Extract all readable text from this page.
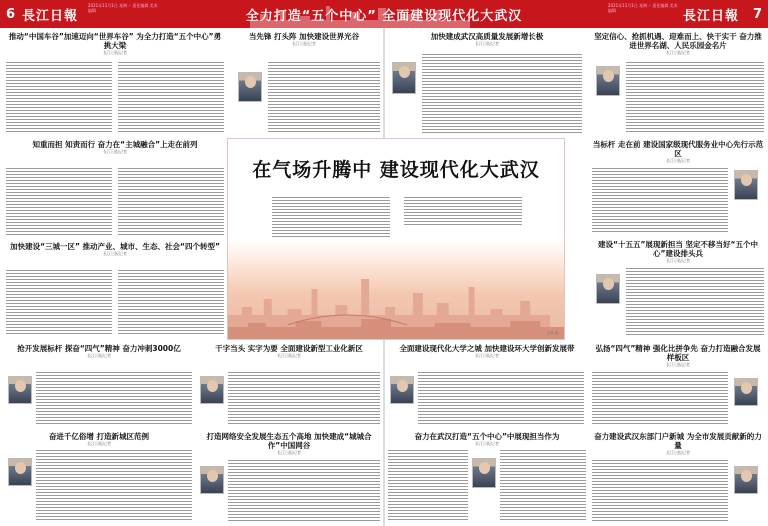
6 長江日報
2021年11月1日 星期一 责任编辑 美术编辑	全力打造“五个中心” 全面建设现代化大武汉
2021年11月1日 星期一 责任编辑 美术编辑	長江日報 7
推动“中国车谷”加速迈向“世界车谷” 为全力打造“五个中心”勇挑大梁
长江日报记者
当先锋 打头阵 加快建设世界光谷
长江日报记者
加快建成武汉高质量发展新增长极
长江日报记者
坚定信心、抢抓机遇、迎难而上、快干实干 奋力推进世界名湖、人民乐园金名片
长江日报记者
知重而担 知责而行 奋力在“主城融合”上走在前列
长江日报记者
加快建设“三城一区” 推动产业、城市、生态、社会“四个转型”
长江日报记者
在气场升腾中 建设现代化大武汉
记者 摄
当标杆 走在前 建设国家级现代服务业中心先行示范区
长江日报记者
建设“十五五”展现新担当 坚定不移当好“五个中心”建设排头兵
长江日报记者
抢开发展标杆 探奋“四气”精神 奋力冲刺3000亿
长江日报记者
干字当头 实字为要 全面建设新型工业化新区
长江日报记者
全面建设现代化大学之城 加快建设环大学创新发展带
长江日报记者
弘扬“四气”精神 强化比拼争先 奋力打造融合发展样板区
长江日报记者
奋进千亿俗增 打造新城区范例
长江日报记者
打造网络安全发展生态五个高地 加快建成“城城合作”中国网谷
长江日报记者
奋力在武汉打造“五个中心”中展现担当作为
长江日报记者
奋力建设武汉东部门户新城 为全市发展贡献新的力量
长江日报记者
